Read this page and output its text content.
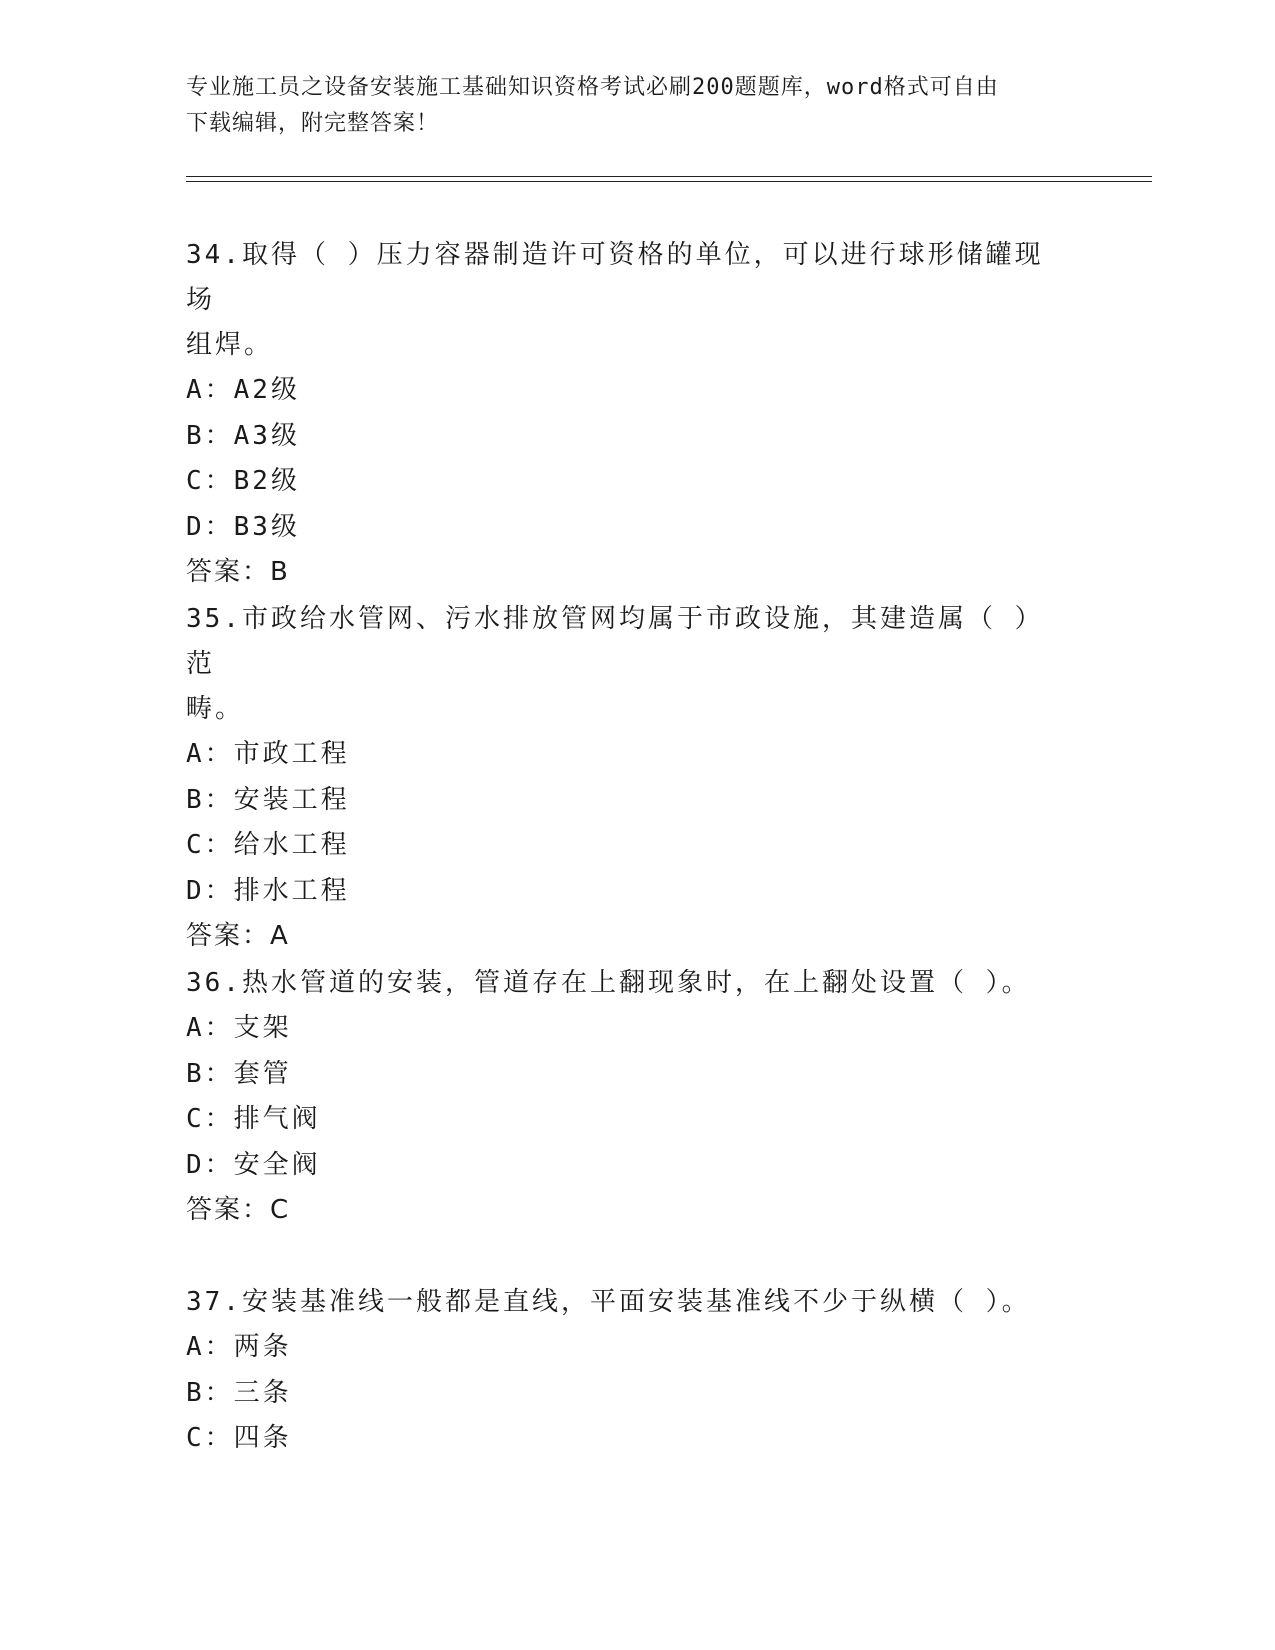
专业施工员之设备安装施工基础知识资格考试必刷200题题库，word格式可自由
下载编辑，附完整答案！
34.取得（ ）压力容器制造许可资格的单位，可以进行球形储罐现场
组焊。
A：A2级
B：A3级
C：B2级
D：B3级
答案：B
35.市政给水管网、污水排放管网均属于市政设施，其建造属（ ）范
畴。
A：市政工程
B：安装工程
C：给水工程
D：排水工程
答案：A
36.热水管道的安装，管道存在上翻现象时，在上翻处设置（ ）。
A：支架
B：套管
C：排气阀
D：安全阀
答案：C
37.安装基准线一般都是直线，平面安装基准线不少于纵横（ ）。
A：两条
B：三条
C：四条
